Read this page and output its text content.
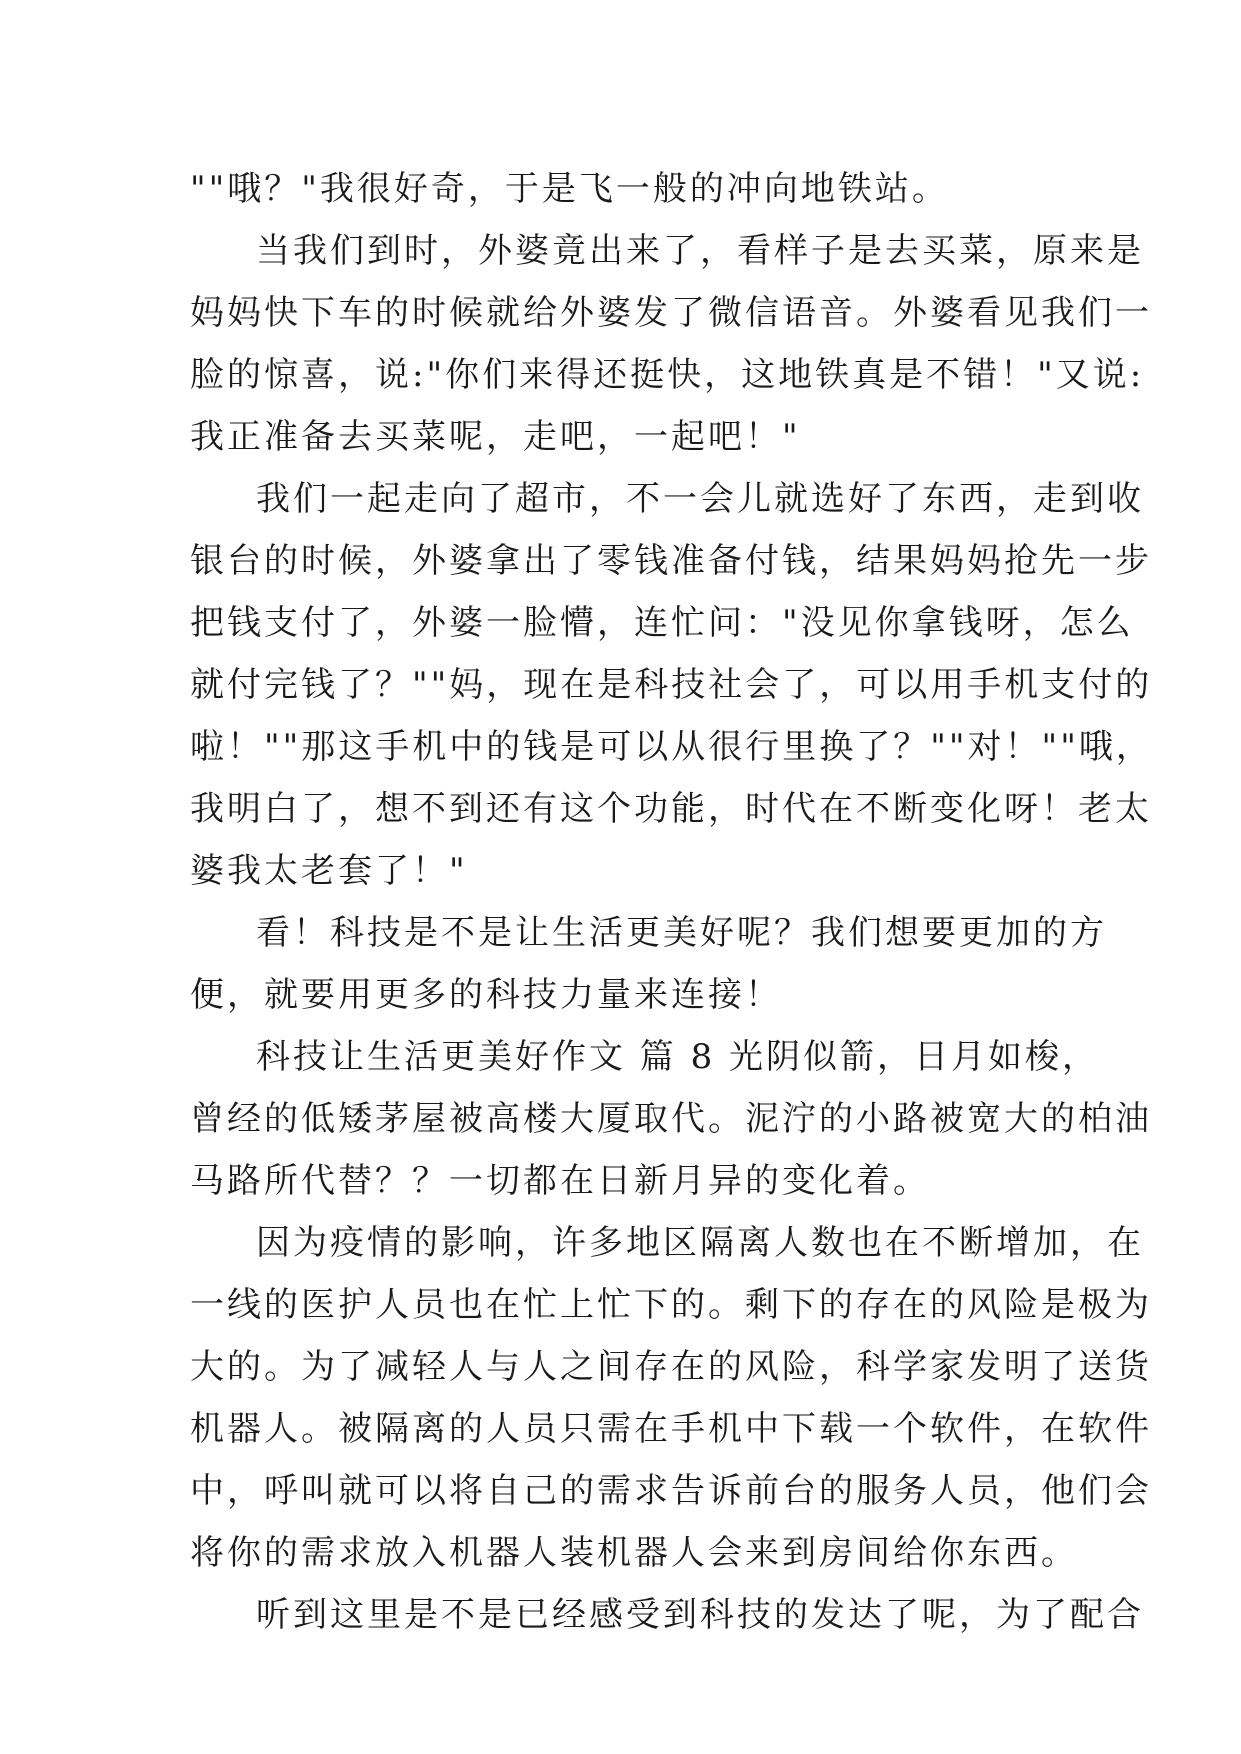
""哦？"我很好奇，于是飞一般的冲向地铁站。
当我们到时，外婆竟出来了，看样子是去买菜，原来是
妈妈快下车的时候就给外婆发了微信语音。外婆看见我们一
脸的惊喜，说:"你们来得还挺快，这地铁真是不错！"又说:
我正准备去买菜呢，走吧，一起吧！"
我们一起走向了超市，不一会儿就选好了东西，走到收
银台的时候，外婆拿出了零钱准备付钱，结果妈妈抢先一步
把钱支付了，外婆一脸懵，连忙问："没见你拿钱呀，怎么
就付完钱了？""妈，现在是科技社会了，可以用手机支付的
啦！""那这手机中的钱是可以从很行里换了？""对！""哦，
我明白了，想不到还有这个功能，时代在不断变化呀！老太
婆我太老套了！"
看！科技是不是让生活更美好呢？我们想要更加的方
便，就要用更多的科技力量来连接！
科技让生活更美好作文 篇 8 光阴似箭，日月如梭，
曾经的低矮茅屋被高楼大厦取代。泥泞的小路被宽大的柏油
马路所代替？？一切都在日新月异的变化着。
因为疫情的影响，许多地区隔离人数也在不断增加，在
一线的医护人员也在忙上忙下的。剩下的存在的风险是极为
大的。为了减轻人与人之间存在的风险，科学家发明了送货
机器人。被隔离的人员只需在手机中下载一个软件，在软件
中，呼叫就可以将自己的需求告诉前台的服务人员，他们会
将你的需求放入机器人装机器人会来到房间给你东西。
听到这里是不是已经感受到科技的发达了呢，为了配合
